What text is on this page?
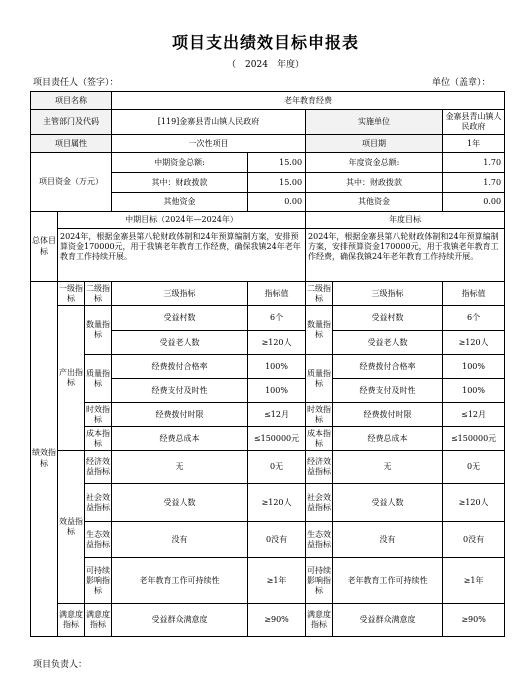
项目支出绩效目标申报表
（　2024　年度）
项目责任人（签字）：	单位（盖章）：
项目名称			老年教育经费				
主管部门及代码			[119]金寨县青山镇人民政府		实施单位		金寨县青山镇人民政府
项目属性			一次性项目		项目期		1年
项目资金（万元）			中期资金总额:	15.00	年度资金总额:		1.70
			其中：财政拨款	15.00	其中：财政拨款		1.70
			其他资金	0.00	其他资金		0.00
总体目标	中期目标（2024年—2024年）				年度目标		
	2024年，根据金寨县第八轮财政体制和24年预算编制方案，安排预算资金170000元，用于我镇老年教育工作经费，确保我镇24年老年教育工作持续开展。				2024年，根据金寨县第八轮财政体制和24年预算编制方案，安排预算资金170000元，用于我镇老年教育工作经费，确保我镇24年老年教育工作持续开展。		
绩效指标	一级指标	二级指标	三级指标	指标值	二级指标	三级指标	指标值
	产出指标	数量指标	受益村数	6个	数量指标	受益村数	6个
			受益老人数	≥120人		受益老人数	≥120人
		质量指标	经费拨付合格率	100%	质量指标	经费拨付合格率	100%
			经费支付及时性	100%		经费支付及时性	100%
		时效指标	经费拨付时限	≤12月	时效指标	经费拨付时限	≤12月
		成本指标	经费总成本	≤150000元	成本指标	经费总成本	≤150000元
	效益指标	经济效益指标	无	0无	经济效益指标	无	0无
		社会效益指标	受益人数	≥120人	社会效益指标	受益人数	≥120人
		生态效益指标	没有	0没有	生态效益指标	没有	0没有
		可持续影响指标	老年教育工作可持续性	≥1年	可持续影响指标	老年教育工作可持续性	≥1年
	满意度指标	满意度指标	受益群众满意度	≥90%	满意度指标	受益群众满意度	≥90%
项目负责人：
